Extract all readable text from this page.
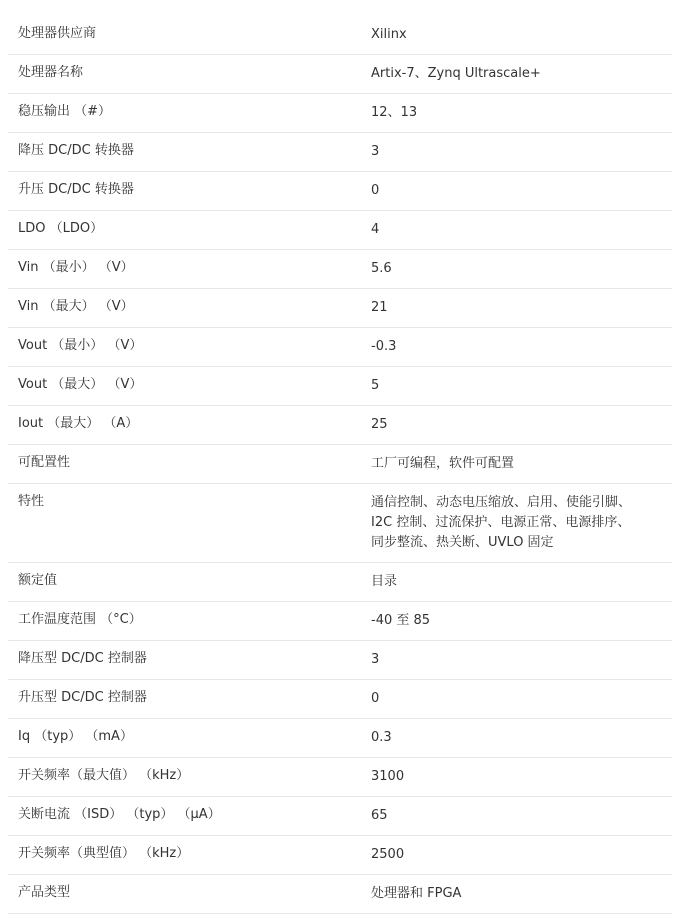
处理器供应商	Xilinx
处理器名称	Artix-7、Zynq Ultrascale+
稳压输出 （#）	12、13
降压 DC/DC 转换器	3
升压 DC/DC 转换器	0
LDO （LDO）	4
Vin （最小） （V）	5.6
Vin （最大） （V）	21
Vout （最小） （V）	-0.3
Vout （最大） （V）	5
Iout （最大） （A）	25
可配置性	工厂可编程，软件可配置
特性	通信控制、动态电压缩放、启用、使能引脚、
I2C 控制、过流保护、电源正常、电源排序、
同步整流、热关断、UVLO 固定
额定值	目录
工作温度范围 （°C）	-40 至 85
降压型 DC/DC 控制器	3
升压型 DC/DC 控制器	0
Iq （typ） （mA）	0.3
开关频率（最大值） （kHz）	3100
关断电流 （ISD） （typ） （μA）	65
开关频率（典型值） （kHz）	2500
产品类型	处理器和 FPGA
